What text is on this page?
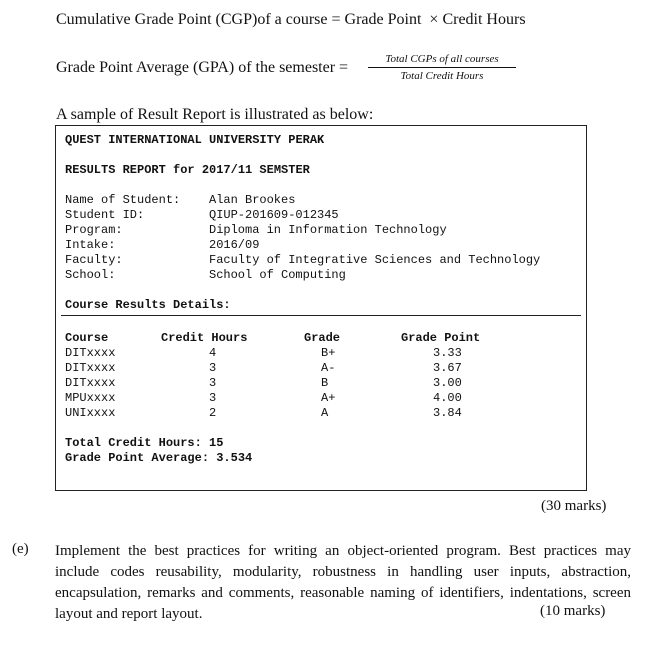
Cumulative Grade Point (CGP)of a course = Grade Point  × Credit Hours
Grade Point Average (GPA) of the semester =	Total CGPs of all courses
Total Credit Hours
A sample of Result Report is illustrated as below:
QUEST INTERNATIONAL UNIVERSITY PERAK
RESULTS REPORT for 2017/11 SEMSTER
Name of Student: Alan Brookes
Student ID:	QIUP-201609-012345
Program:	Diploma in Information Technology
Intake:	2016/09
Faculty:	Faculty of Integrative Sciences and Technology
School:	School of Computing
Course Results Details:
Course	Credit Hours	Grade	Grade Point
DITxxxx	4	B+	3.33
DITxxxx	3	A-	3.67
DITxxxx	3	B	3.00
MPUxxxx	3	A+	4.00
UNIxxxx	2	A	3.84
Total Credit Hours: 15
Grade Point Average: 3.534
(30 marks)
(e) Implement the best practices for writing an object-oriented program. Best practices may include codes reusability, modularity, robustness in handling user inputs, abstraction, encapsulation, remarks and comments, reasonable naming of identifiers, indentations, screen layout and report layout.	(10 marks)
